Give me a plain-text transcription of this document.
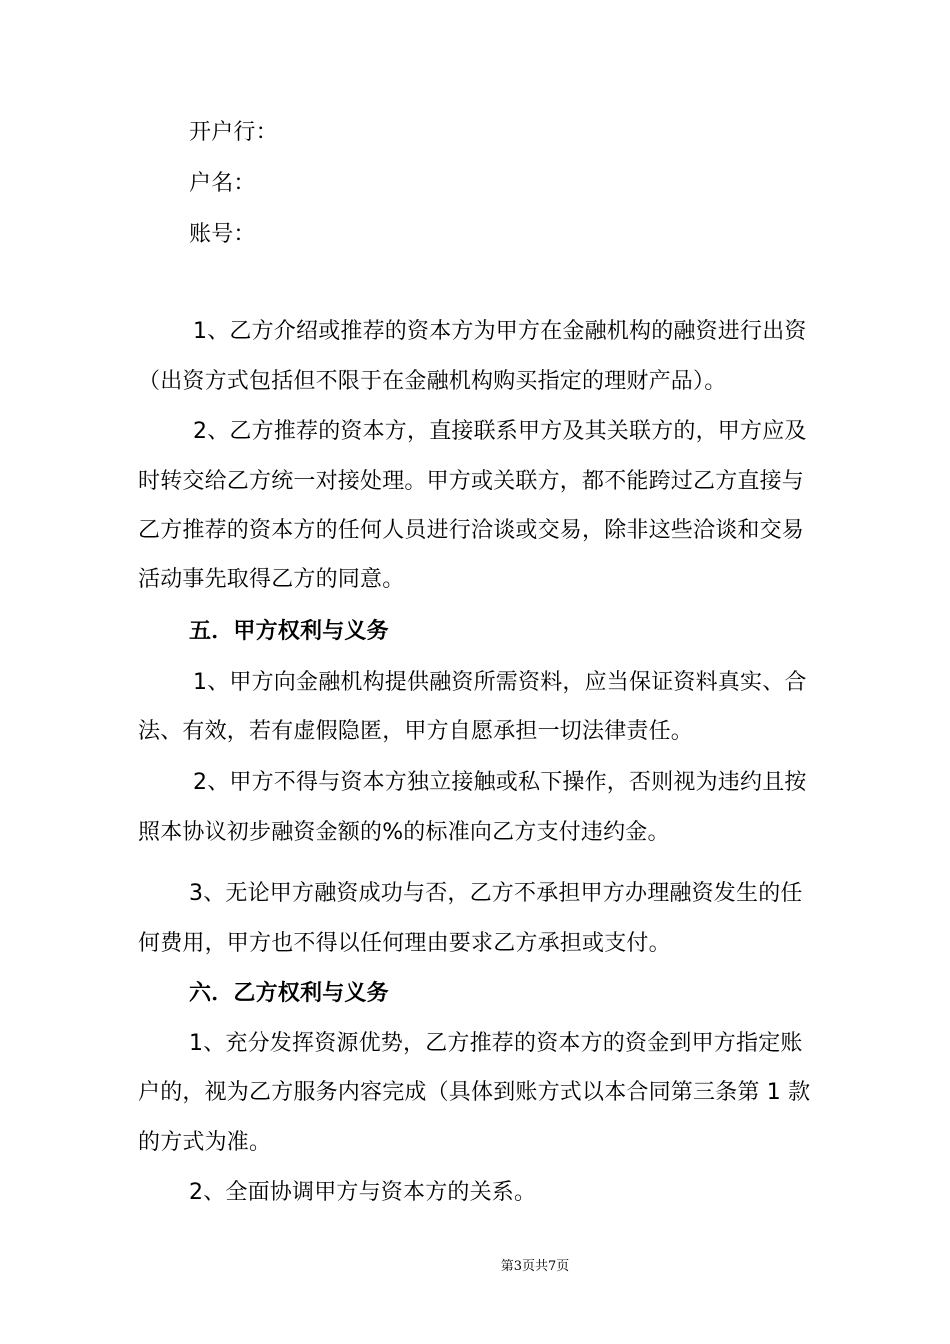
开户行：
户名：
账号：
1、乙方介绍或推荐的资本方为甲方在金融机构的融资进行出资
（出资方式包括但不限于在金融机构购买指定的理财产品）。
2、乙方推荐的资本方，直接联系甲方及其关联方的，甲方应及
时转交给乙方统一对接处理。甲方或关联方，都不能跨过乙方直接与
乙方推荐的资本方的任何人员进行洽谈或交易，除非这些洽谈和交易
活动事先取得乙方的同意。
五．甲方权利与义务
1、甲方向金融机构提供融资所需资料，应当保证资料真实、合
法、有效，若有虚假隐匿，甲方自愿承担一切法律责任。
2、甲方不得与资本方独立接触或私下操作，否则视为违约且按
照本协议初步融资金额的%的标准向乙方支付违约金。
3、无论甲方融资成功与否，乙方不承担甲方办理融资发生的任
何费用，甲方也不得以任何理由要求乙方承担或支付。
六．乙方权利与义务
1、充分发挥资源优势，乙方推荐的资本方的资金到甲方指定账
户的，视为乙方服务内容完成（具体到账方式以本合同第三条第 1 款
的方式为准。
2、全面协调甲方与资本方的关系。
第3页共7页
